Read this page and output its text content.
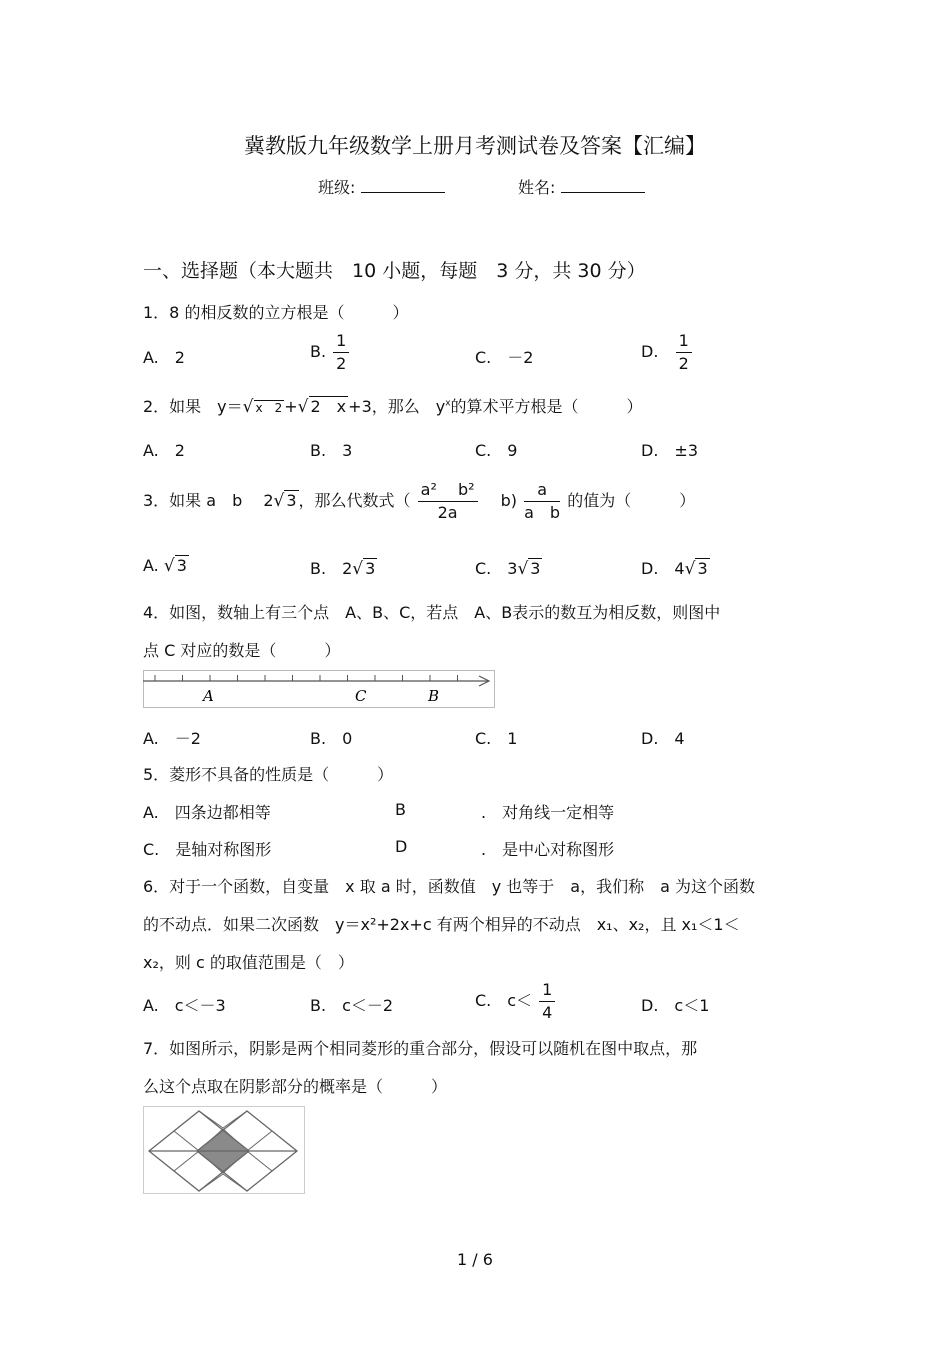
冀教版九年级数学上册月考测试卷及答案【汇编】
班级:	姓名:
一、选择题（本大题共　10 小题，每题　3 分，共 30 分）
1．8 的相反数的立方根是（　　　）
A.　2	B. $\frac{1}{2}$	C.　－2	D. $\frac{1}{2}$
2．如果　y＝√ x　2 +√ 2　x +3，那么　$y^x$的算术平方根是（　　　）
A.　2	B.　3	C.　9	D.　±3
3．如果 a　b　 2√ 3 ，那么代数式（ $\frac{\text{a² 　b²}}{2a}$ 　$b) \frac{a}{\text{a　b}}$ 的值为（　　　）
A. √ 3	B.　2√ 3	C.　3√ 3	D.　4√ 3
4．如图，数轴上有三个点　A、B、C，若点　A、B表示的数互为相反数，则图中
点 C 对应的数是（　　　）
A	C	B
A.　－2	B.　0	C.　1	D.　4
5．菱形不具备的性质是（　　　）
A.　四条边都相等	B	.　对角线一定相等
C.　是轴对称图形	D	.　是中心对称图形
6．对于一个函数，自变量　x 取 a 时，函数值　y 也等于　a，我们称　a 为这个函数
的不动点．如果二次函数　y＝x²+2x+c 有两个相异的不动点　x₁、x₂，且 x₁＜1＜
x₂，则 c 的取值范围是（　）
A.　c＜－3	B.　c＜－2	C.　$c< \frac{1}{4}$	D.　c＜1
7．如图所示，阴影是两个相同菱形的重合部分，假设可以随机在图中取点，那
么这个点取在阴影部分的概率是（　　　）
1 / 6
